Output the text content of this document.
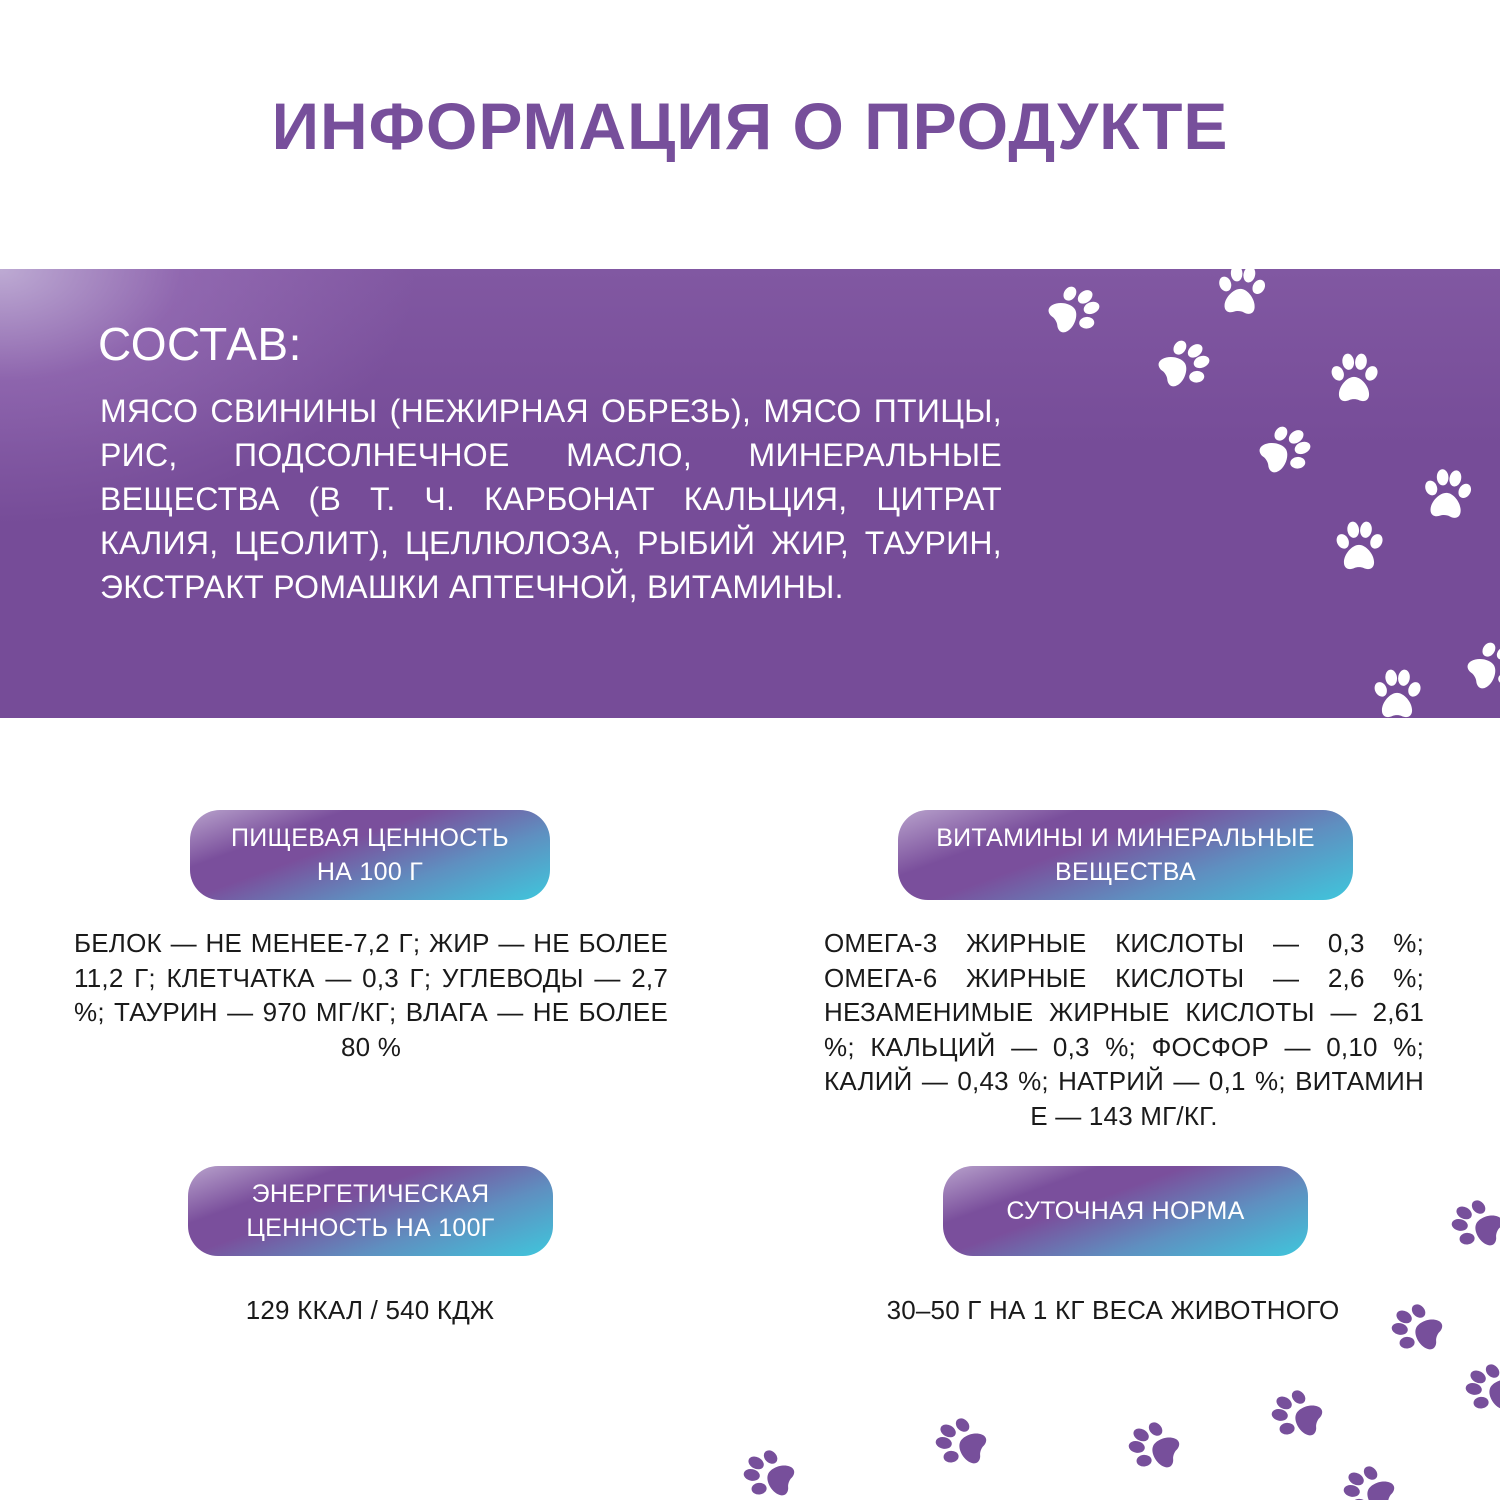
ИНФОРМАЦИЯ О ПРОДУКТЕ
СОСТАВ:
МЯСО СВИНИНЫ (НЕЖИРНАЯ ОБРЕЗЬ), МЯСО ПТИЦЫ, РИС, ПОДСОЛНЕЧНОЕ МАСЛО, МИНЕРАЛЬНЫЕ ВЕЩЕСТВА (В Т. Ч. КАРБОНАТ КАЛЬЦИЯ, ЦИТРАТ КАЛИЯ, ЦЕОЛИТ), ЦЕЛЛЮЛОЗА, РЫБИЙ ЖИР, ТАУРИН, ЭКСТРАКТ РОМАШКИ АПТЕЧНОЙ, ВИТАМИНЫ.
ПИЩЕВАЯ ЦЕННОСТЬ
НА 100 Г
БЕЛОК — НЕ МЕНЕЕ-7,2 Г; ЖИР — НЕ БОЛЕЕ 11,2 Г; КЛЕТЧАТКА — 0,3 Г; УГЛЕВОДЫ — 2,7 %; ТАУРИН — 970 МГ/КГ; ВЛАГА — НЕ БОЛЕЕ 80 %
ВИТАМИНЫ И МИНЕРАЛЬНЫЕ
ВЕЩЕСТВА
ОМЕГА-3 ЖИРНЫЕ КИСЛОТЫ — 0,3 %; ОМЕГА-6 ЖИРНЫЕ КИСЛОТЫ — 2,6 %; НЕЗАМЕНИМЫЕ ЖИРНЫЕ КИСЛОТЫ — 2,61 %; КАЛЬЦИЙ — 0,3 %; ФОСФОР — 0,10 %; КАЛИЙ — 0,43 %; НАТРИЙ — 0,1 %; ВИТАМИН Е — 143 МГ/КГ.
ЭНЕРГЕТИЧЕСКАЯ
ЦЕННОСТЬ НА 100Г
129 ККАЛ / 540 КДЖ
СУТОЧНАЯ НОРМА
30–50 Г НА 1 КГ ВЕСА ЖИВОТНОГО
